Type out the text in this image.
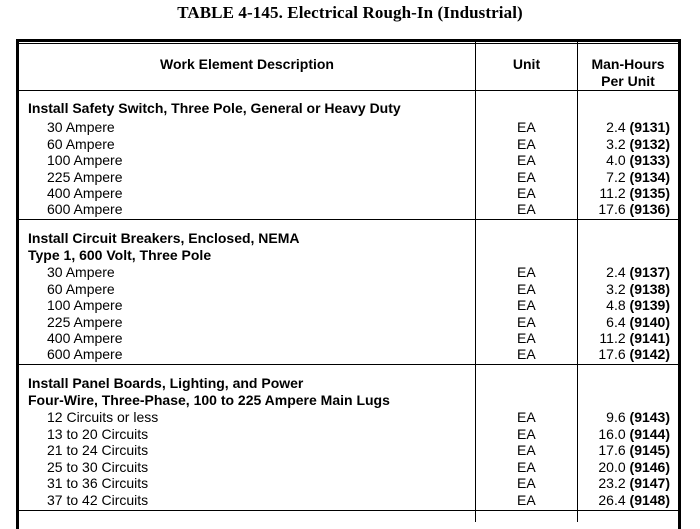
TABLE 4-145. Electrical Rough-In (Industrial)
Work Element Description	Unit	Man-Hours
Per Unit
Install Safety Switch, Three Pole, General or Heavy Duty
30 Ampere	EA	2.4 (9131)
60 Ampere	EA	3.2 (9132)
100 Ampere	EA	4.0 (9133)
225 Ampere	EA	7.2 (9134)
400 Ampere	EA	11.2 (9135)
600 Ampere	EA	17.6 (9136)
Install Circuit Breakers, Enclosed, NEMA
Type 1, 600 Volt, Three Pole
30 Ampere	EA	2.4 (9137)
60 Ampere	EA	3.2 (9138)
100 Ampere	EA	4.8 (9139)
225 Ampere	EA	6.4 (9140)
400 Ampere	EA	11.2 (9141)
600 Ampere	EA	17.6 (9142)
Install Panel Boards, Lighting, and Power
Four-Wire, Three-Phase, 100 to 225 Ampere Main Lugs
12 Circuits or less	EA	9.6 (9143)
13 to 20 Circuits	EA	16.0 (9144)
21 to 24 Circuits	EA	17.6 (9145)
25 to 30 Circuits	EA	20.0 (9146)
31 to 36 Circuits	EA	23.2 (9147)
37 to 42 Circuits	EA	26.4 (9148)
